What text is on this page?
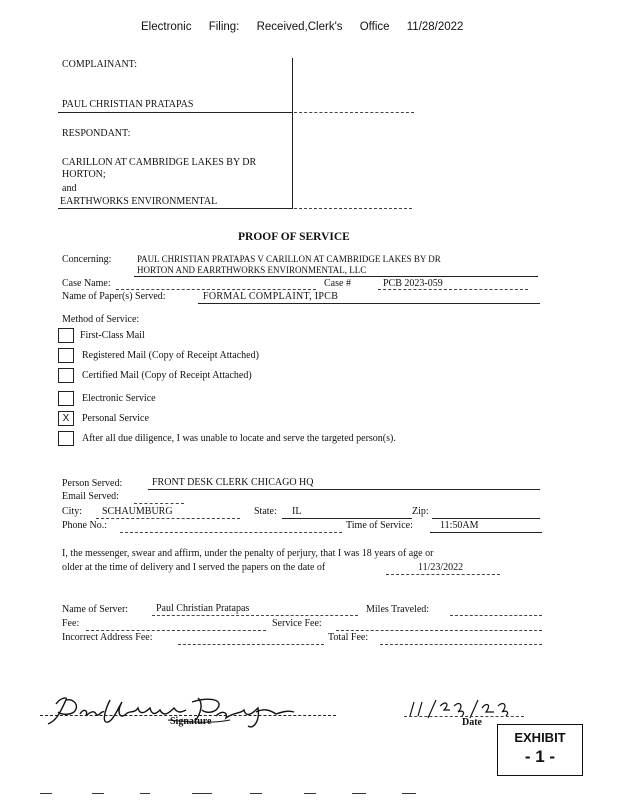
Electronic Filing: Received,Clerk's Office 11/28/2022
COMPLAINANT:
PAUL CHRISTIAN PRATAPAS
RESPONDANT:
CARILLON AT CAMBRIDGE LAKES BY DR
HORTON;
and
EARTHWORKS ENVIRONMENTAL
PROOF OF SERVICE
Concerning:	PAUL CHRISTIAN PRATAPAS V CARILLON AT CAMBRIDGE LAKES BY DR
HORTON AND EARRTHWORKS ENVIRONMENTAL, LLC
Case Name:	Case #	PCB 2023-059
Name of Paper(s) Served:	FORMAL COMPLAINT, IPCB
Method of Service:
First-Class Mail
Registered Mail (Copy of Receipt Attached)
Certified Mail (Copy of Receipt Attached)
Electronic Service
X	Personal Service
After all due diligence, I was unable to locate and serve the targeted person(s).
Person Served:	FRONT DESK CLERK CHICAGO HQ
Email Served:
City: SCHAUMBURG	State: IL	Zip:
Phone No.:	Time of Service:	11:50AM
I, the messenger, swear and affirm, under the penalty of perjury, that I was 18 years of age or
older at the time of delivery and I served the papers on the date of	11/23/2022
Name of Server:	Paul Christian Pratapas	Miles Traveled:
Fee:	Service Fee:
Incorrect Address Fee:	Total Fee:
Signature	Date
EXHIBIT
- 1 -
